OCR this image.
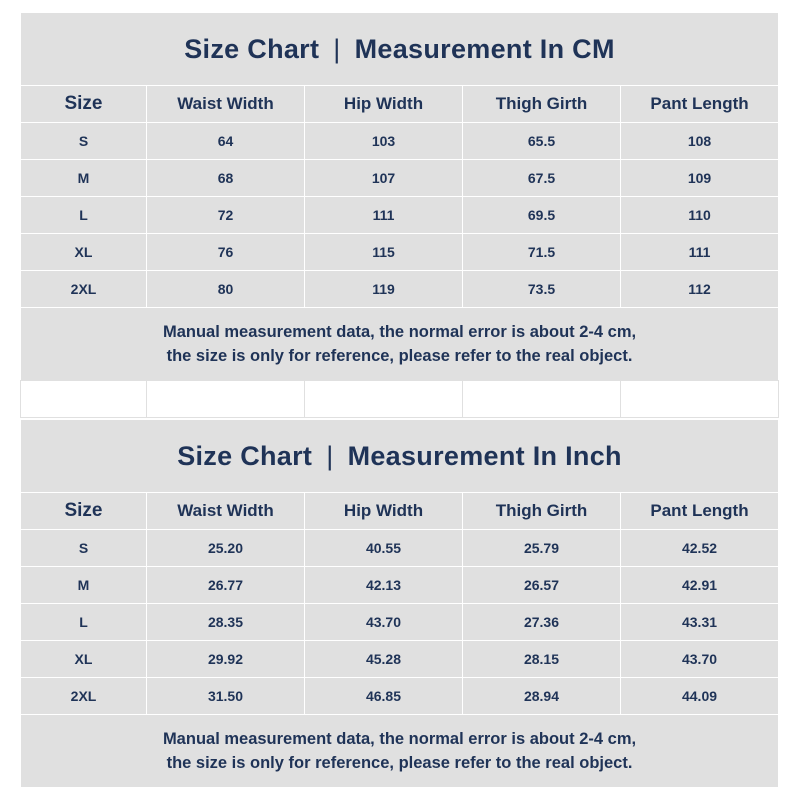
Size Chart | Measurement In CM				
Size	Waist Width	Hip Width	Thigh Girth	Pant Length
S	64	103	65.5	108
M	68	107	67.5	109
L	72	111	69.5	110
XL	76	115	71.5	111
2XL	80	119	73.5	112

Manual measurement data, the normal error is about 2-4 cm,
the size is only for reference, please refer to the real object.				

Size Chart | Measurement In Inch				
Size	Waist Width	Hip Width	Thigh Girth	Pant Length
S	25.20	40.55	25.79	42.52
M	26.77	42.13	26.57	42.91
L	28.35	43.70	27.36	43.31
XL	29.92	45.28	28.15	43.70
2XL	31.50	46.85	28.94	44.09

Manual measurement data, the normal error is about 2-4 cm,
the size is only for reference, please refer to the real object.				
